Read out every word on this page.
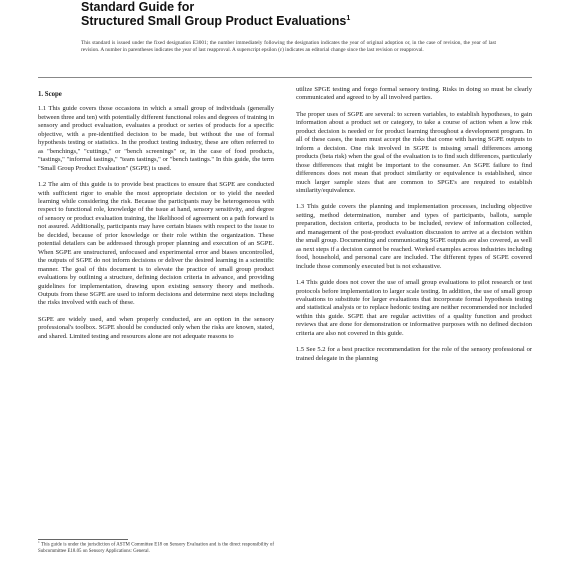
Standard Guide for
Structured Small Group Product Evaluations$^1$
This standard is issued under the fixed designation E3001; the number immediately following the designation indicates the year of original adoption or, in the case of revision, the year of last revision. A number in parentheses indicates the year of last reapproval. A superscript epsilon (ε) indicates an editorial change since the last revision or reapproval.
1. Scope

1.1 This guide covers those occasions in which a small group of individuals (generally between three and ten) with potentially different functional roles and degrees of training in sensory and product evaluation, evaluates a product or series of products for a specific objective, with a pre-identified decision to be made, but without the use of formal hypothesis testing or statistics. In the product testing industry, these are often referred to as "benchings," "cuttings," or "bench screenings" or, in the case of food products, "tastings," "informal tastings," "team tastings," or "bench tastings." In this guide, the term "Small Group Product Evaluation" (SGPE) is used.

1.2 The aim of this guide is to provide best practices to ensure that SGPE are conducted with sufficient rigor to enable the most appropriate decision or to yield the needed learning while considering the risk. Because the participants may be heterogeneous with respect to functional role, knowledge of the issue at hand, sensory sensitivity, and degree of sensory or product evaluation training, the likelihood of agreement on a path forward is not assured. Additionally, participants may have certain biases with respect to the issue to be decided, because of prior knowledge or their role within the organization. These potential detailers can be addressed through proper planning and execution of an SGPE. When SGPE are unstructured, unfocused and experimental error and biases uncontrolled, the outputs of SGPE do not inform decisions or deliver the desired learning in a scientific manner. The goal of this document is to elevate the practice of small group product evaluations by outlining a structure, defining decision criteria in advance, and providing guidelines for implementation, drawing upon existing sensory theory and methods. Outputs from these SGPE are used to inform decisions and determine next steps including the risks involved with each of these.

SGPE are widely used, and when properly conducted, are an option in the sensory professional's toolbox. SGPE should be conducted only when the risks are known, stated, and shared. Limited testing and resources alone are not adequate reasons to

utilize SPGE testing and forgo formal sensory testing. Risks in doing so must be clearly communicated and agreed to by all involved parties.

The proper uses of SGPE are several: to screen variables, to establish hypotheses, to gain information about a product set or category, to take a course of action when a low risk product decision is needed or for product learning throughout a development program. In all of these cases, the team must accept the risks that come with having SGPE outputs to inform a decision. One risk involved in SGPE is missing small differences among products (beta risk) when the goal of the evaluation is to find such differences, particularly those differences that might be important to the consumer. An SGPE failure to find differences does not mean that product similarity or equivalence is established, since much larger sample sizes that are common to SPGE's are required to establish similarity/equivalence.

1.3 This guide covers the planning and implementation processes, including objective setting, method determination, number and types of participants, ballots, sample preparation, decision criteria, products to be included, review of information collected, and management of the post-product evaluation discussion to arrive at a decision within the small group. Documenting and communicating SGPE outputs are also covered, as well as next steps if a decision cannot be reached. Worked examples across industries including food, household, and personal care are included. The different types of SGPE covered include those commonly executed but is not exhaustive.

1.4 This guide does not cover the use of small group evaluations to pilot research or test protocols before implementation to larger scale testing. In addition, the use of small group evaluations to substitute for larger evaluations that incorporate formal hypothesis testing and statistical analysis or to replace hedonic testing are neither recommended nor included within this guide. SGPE that are regular activities of a quality function and product reviews that are done for demonstration or informative purposes with no defined decision criteria are also not covered in this guide.

1.5 See 5.2 for a best practice recommendation for the role of the sensory professional or trained delegate in the planning

$^1$ This guide is under the jurisdiction of ASTM Committee E18 on Sensory Evaluation and is the direct responsibility of Subcommittee E18.05 on Sensory Applications: General.
